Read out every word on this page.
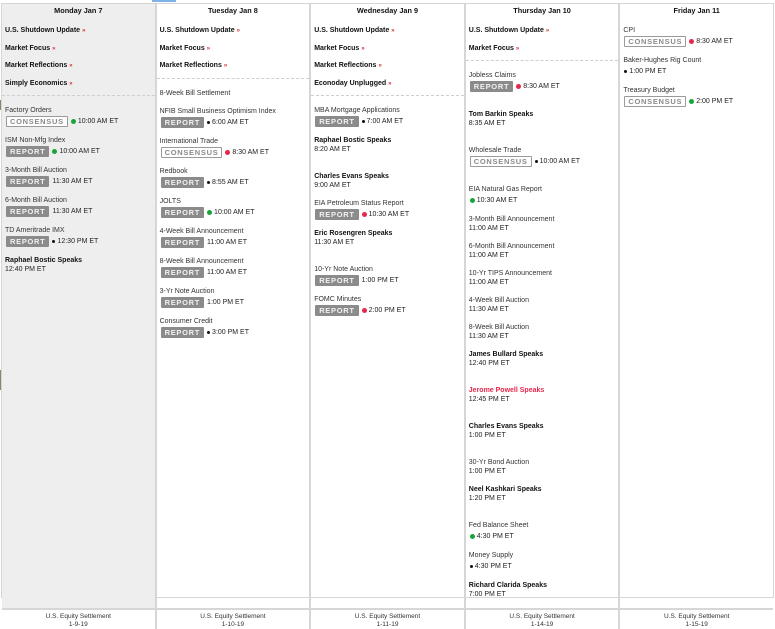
Monday Jan 7
U.S. Shutdown Update »
Market Focus »
Market Reflections »
Simply Economics »
Factory Orders
CONSENSUS	10:00 AM ET
ISM Non-Mfg Index
REPORT	10:00 AM ET
3-Month Bill Auction
REPORT	11:30 AM ET
6-Month Bill Auction
REPORT	11:30 AM ET
TD Ameritrade IMX
REPORT	12:30 PM ET
Raphael Bostic Speaks
12:40 PM ET
Tuesday Jan 8
U.S. Shutdown Update »
Market Focus »
Market Reflections »
8-Week Bill Settlement
NFIB Small Business Optimism Index
REPORT	6:00 AM ET
International Trade
CONSENSUS	8:30 AM ET
Redbook
REPORT	8:55 AM ET
JOLTS
REPORT	10:00 AM ET
4-Week Bill Announcement
REPORT	11:00 AM ET
8-Week Bill Announcement
REPORT	11:00 AM ET
3-Yr Note Auction
REPORT	1:00 PM ET
Consumer Credit
REPORT	3:00 PM ET
Wednesday Jan 9
U.S. Shutdown Update »
Market Focus »
Market Reflections »
Econoday Unplugged »
MBA Mortgage Applications
REPORT	7:00 AM ET
Raphael Bostic Speaks
8:20 AM ET
Charles Evans Speaks
9:00 AM ET
EIA Petroleum Status Report
REPORT	10:30 AM ET
Eric Rosengren Speaks
11:30 AM ET
10-Yr Note Auction
REPORT	1:00 PM ET
FOMC Minutes
REPORT	2:00 PM ET
Thursday Jan 10
U.S. Shutdown Update »
Market Focus »
Jobless Claims
REPORT	8:30 AM ET
Tom Barkin Speaks
8:35 AM ET
Wholesale Trade
CONSENSUS	10:00 AM ET
EIA Natural Gas Report
10:30 AM ET
3-Month Bill Announcement
11:00 AM ET
6-Month Bill Announcement
11:00 AM ET
10-Yr TIPS Announcement
11:00 AM ET
4-Week Bill Auction
11:30 AM ET
8-Week Bill Auction
11:30 AM ET
James Bullard Speaks
12:40 PM ET
Jerome Powell Speaks
12:45 PM ET
Charles Evans Speaks
1:00 PM ET
30-Yr Bond Auction
1:00 PM ET
Neel Kashkari Speaks
1:20 PM ET
Fed Balance Sheet
4:30 PM ET
Money Supply
4:30 PM ET
Richard Clarida Speaks
7:00 PM ET
Friday Jan 11
CPI
CONSENSUS	8:30 AM ET
Baker-Hughes Rig Count
1:00 PM ET
Treasury Budget
CONSENSUS	2:00 PM ET
U.S. Equity Settlement
1-9-19
U.S. Equity Settlement
1-10-19
U.S. Equity Settlement
1-11-19
U.S. Equity Settlement
1-14-19
U.S. Equity Settlement
1-15-19
